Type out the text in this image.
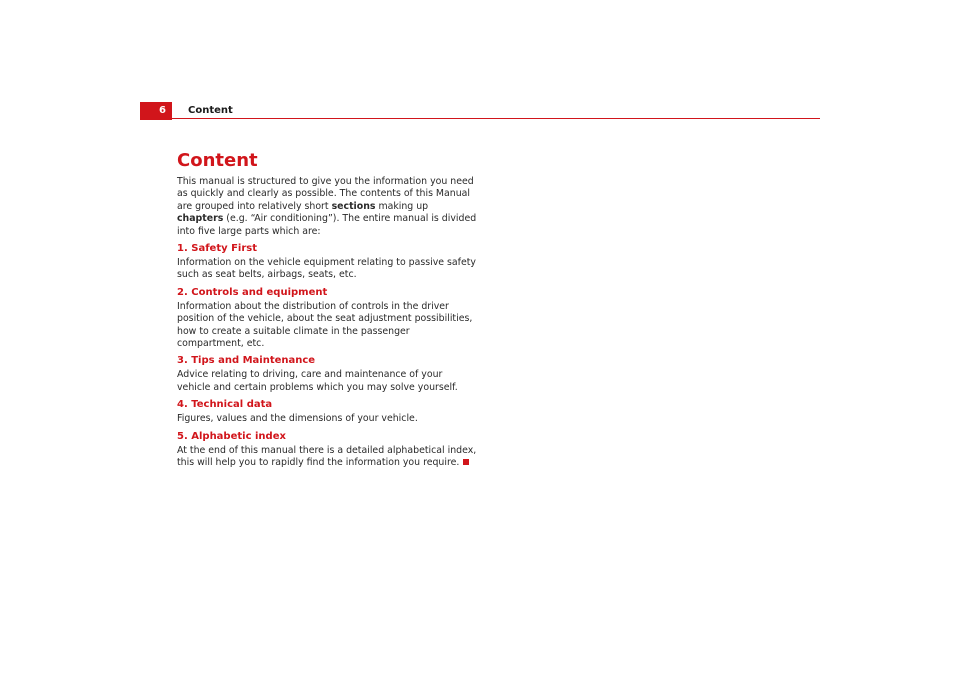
6 Content
Content

This manual is structured to give you the information you need as quickly and clearly as possible. The contents of this Manual are grouped into relatively short sections making up chapters (e.g. “Air conditioning”). The entire manual is divided into five large parts which are:

1. Safety First

Information on the vehicle equipment relating to passive safety such as seat belts, airbags, seats, etc.

2. Controls and equipment

Information about the distribution of controls in the driver position of the vehicle, about the seat adjustment possibilities, how to create a suitable climate in the passenger compartment, etc.

3. Tips and Maintenance

Advice relating to driving, care and maintenance of your vehicle and certain problems which you may solve yourself.

4. Technical data

Figures, values and the dimensions of your vehicle.

5. Alphabetic index

At the end of this manual there is a detailed alphabetical index, this will help you to rapidly find the information you require.
